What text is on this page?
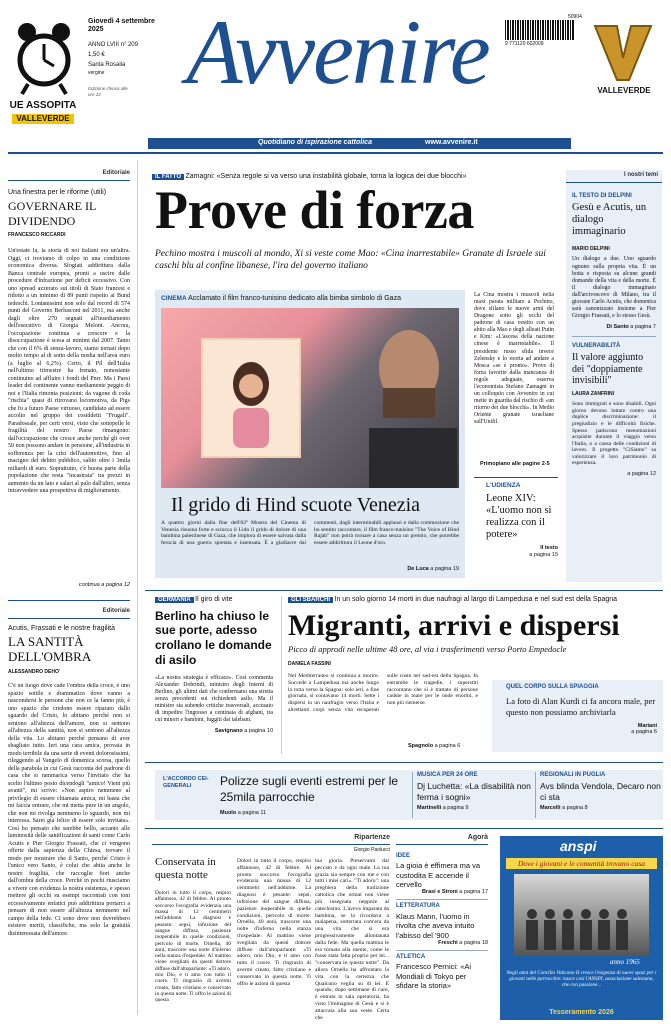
UE ASSOPITA
VALLEVERDE
Giovedì 4 settembre 2025
ANNO LVIII n° 209
1,50 €
Santa Rosalia
vergine
Edizione chiusa alle ore 22 Avvenire	50904
9 771120 602009
VALLEVERDE
Quotidiano di ispirazione cattolica	www.avvenire.it
Editoriale
Una finestra per le riforme (utili)
GOVERNARE IL DIVIDENDO
FRANCESCO RICCARDI
Un'estate fa, la storia di noi italiani era un'altra. Oggi, ci troviamo di colpo in una condizione economica diversa. Sfogiati addirittura dalla Banca centrale europea, pronti a uscire dalle procedure d'infrazione per deficit eccessivo. Con uno spread azzerato sui titoli di Stato francesi e ridotto a un minimo di 89 punti rispetto ai Bund tedeschi. Lontanissimi non solo dal record di 574 punti del Governo Berlusconi nel 2011, ma anche dagli oltre 270 segnati all'insediamento dell'esecutivo di Giorgia Meloni. Ancora, l'occupazione continua a crescere e la disoccupazione è scesa ai minimi dal 2007. Tanto che con il 6% di senza-lavoro, siamo tornati dopo molto tempo al di sotto della media nell'area euro (a luglio al 6,2%). Certo, il Pil dell'Italia nell'ultimo trimestre ha frenato, nonostante continuino ad affluire i fondi del Pnrr. Ma i Paesi leader del continente vanno mediamente peggio di noi e l'Italia rimonta posizioni: da vagone di coda "rischia" quasi di ritrovarsi locomotiva, da Pigs che fu a futuro Paese virtuoso, candidato ad essere accolto nel gruppo dei cosiddetti "Frugali". Paradossale, per certi versi, visto che sottopelle le fragilità del nostro Paese rimangono: dall'occupazione che cresce anche perché gli over 50 non possono andare in pensione, all'industria in sofferenza per la crisi dell'automotive, fino al macigno del debito pubblico, salito oltre i 3mila miliardi di euro. Soprattutto, c'è buona parte della popolazione che resta "incastrata" tra prezzi in aumento da un lato e salari al palo dall'altro, senza intravvedere una prospettiva di miglioramento.
continua a pagina 12
Editoriale
Acutis, Frassati e le nostre fragilità
LA SANTITÀ DELL'OMBRA
ALESSANDRO DEHO'
C'è un luogo dove cade l'ombra della croce, è uno spazio sottile e drammatico dove vanno a nascondersi le persone che non ce la fanno più, è uno spazio che credono essere riparato dallo sguardo del Cristo, lo abitano perché non si sentono all'altezza dell'amore, non si sentono all'altezza della santità, non si sentono all'altezza della vita. Lo abitano perché pensano di aver sbagliato tutto. Ieri una cara amica, provata in modo terribile da una serie di eventi dolorosissimi, rileggendo al Vangelo di domenica scorsa, quello della parabola in cui Gesù racconta del padrone di casa che si rammarica verso l'invitato che ha scelto l'ultimo posto dicendogli "amico! Vieni più avanti", mi scrive: «Non aspiro nemmeno al privilegio di essere chiamata amica, mi basta che mi faccia entrare, che mi metta pure in un angolo, che non mi rivolga nemmeno lo sguardo, non mi interessa. Sarei già felice di essere solo invitata». Così ho pensato che sarebbe bello, accanto alle luminosità delle santificazioni di santi come Carlo Acutis e Pier Giorgio Frassati, che ci vengono offerte dalla sapienza della Chiesa, trovare il modo per mostrare che il Santo, perché Cristo è l'unico vero Santo, è colui che abita anche le nostre fragilità, che raccoglie fiori anche dall'ombra della croce. Perché in pochi riusciamo a vivere con evidenza la nostra esistenza, e spesso mettere gli occhi su esempi raccontati con toni eccessivamente enfatici può addirittura portarci a pensare di non essere all'altezza nemmeno nel campo della fede. Ci sono dove non dovrebbero esistere meriti, classifiche, ma solo la gratuità disinteressata dell'amore.
IL FATTO Zamagni: «Senza regole si va verso una instabilità globale, torna la logica dei due blocchi»
Prove di forza
Pechino mostra i muscoli al mondo, Xi si veste come Mao: «Cina inarrestabile» Granate di Israele sui caschi blu al confine libanese, l'ira del governo italiano
CINEMA Acclamato il film franco-tunisino dedicato alla bimba simbolo di Gaza
Il grido di Hind scuote Venezia
A quattro giorni dalla fine dell'82ª Mostra del Cinema di Venezia risuona forte e sciocca il Lido il grido di dolore di una bambina palestinese di Gaza, che implora di essere salvata dalla ferocia di una guerra spietata e insensata. È a gladiacre dai commenti, dagli interminabili applausi e dalla commozione che ho sentito raccontare, il film franco-tunisino "The Voice of Hind Rajab" non potrà tornare a casa senza un premio, che potrebbe essere addirittura il Leone d'oro.
De Luca a pagina 19
La Cina mostra i muscoli nella maxi parata militare a Pechino, dove sfilano le nuove armi del Dragone sotto gli occhi del padrone di casa vestito con un abito alla Mao e degli alleati Putin e Kim: «L'ascesa della nazione cinese è inarrestabile». Il presidente russo sfida invece Zelensky e lo esorta ad andare a Mosca «se è pronto». Prove di forza favorite dalla mancanza di regole adeguate, osserva l'economista Stefano Zamagni in un colloquio con Avvenire in cui mette in guardia dal rischio di «un ritorno dei due blocchi». In Medio Oriente granate israeliane sull'Unifil.
Primopiano alle pagine 2-5
L'UDIENZA
Leone XIV: «L'uomo non si realizza con il potere»
Il testo
a pagina 15
I nostri temi
IL TESTO DI DELPINI
Gesù e Acutis, un dialogo immaginario
MARIO DELPINI
Un dialogo a due. Uno sguardo ognuno sulla propria vita. È un botta e risposta su alcune grandi domande della vita e della morte. È il dialogo immaginato dall'arcivescovo di Milano, tra il giovane Carlo Acutis, che domenica sarà canonizzato insieme a Pier Giorgio Frassati, e lo stesso Gesù.
Di Santo a pagina 7
VULNERABILITÀ
Il valore aggiunto dei "doppiamente invisibili"
LAURA ZANFRINI
Sono immigrati e sono disabili. Ogni giorno devono lottare contro una duplice discriminazione: il pregiudizio e le difficoltà fisiche. Spesso patiscono menomazioni acquisite durante il viaggio verso l'Italia, o a causa delle condizioni di lavoro. Il progetto "CiSiamo" sa valorizzare il loro patrimonio di esperienza.
a pagina 12
GERMANIA Il giro di vite
Berlino ha chiuso le sue porte, adesso crollano le domande di asilo
«La nostra strategia è efficace». Così commenta Alexander Dobrindt, ministro degli Interni di Berlino, gli ultimi dati che confermano una stretta senza precedenti sui richiedenti asilo. Ma il ministro sta subendo critiche trasversali, accusato di impedire l'ingresso a centinaia di afghani, tra cui minori e bambini, fuggiti dai talebani.
Savignano a pagina 10
GLI SBARCHI In un solo giorno 14 morti in due naufragi al largo di Lampedusa e nel sud est della Spagna
Migranti, arrivi e dispersi
Picco di approdi nelle ultime 48 ore, al via i trasferimenti verso Porto Empedocle
DANIELA FASSINI
Nel Mediterraneo si continua a morire. Succede a Lampedusa ma anche lungo la rotta verso la Spagna: solo ieri, a fine giornata, si contavano 14 morti. Sette i dispersi in un naufragio verso l'Italia e altrettanti corpi senza vita recuperati sulle coste nel sud-est della Spagna. In entrambe le tragedie, i superstiti raccontano che si è trattato di persone cadute in mare per le onde enormi, e non più riemerse.
Spagnolo a pagina 6
QUEL CORPO SULLA SPIAGGIA
La foto di Alan Kurdi ci fa ancora male, per questo non possiamo archiviarla
Mariani
a pagina 6
L'ACCORDO CEI-GENERALI	Polizze sugli eventi estremi per le 25mila parrocchie
Muolo a pagina 11
MUSICA PER 24 ORE
Dj Luchetta: «La disabilità non ferma i sogni»
Martinelli a pagina 9
REGIONALI IN PUGLIA
Avs blinda Vendola, Decaro non ci sta
Marcelli a pagina 8
Ripartenze
Giorgio Paolucci
Conservata in questa notte
Dolori in tutto il corpo, respiro affannoso, 42 di febbre. Al pronto soccorso l'ecografia evidenzia una massa di 12 centimetri nell'addome. La diagnosi è pesante: sepsi, infezione del sangue diffusa, pazienze inoperabile in quelle condizioni, pericolo di morte. Ornella, 40 anni, trascorre una notte d'inferno nella stanza d'ospedale. Al mattino viene svegliata da questi dottore diffuse dall'altoparlante: «Ti adoro, mio Dio, e ti amo con tutto il cuore. Ti ringrazio di avermi creato, fatto cristiano e conservato in questa notte. Ti offro le azioni di questa
Dolori in tutto il corpo, respiro affannoso, 42 di febbre. Al pronto soccorso l'ecografia evidenzia una massa di 12 centimetri nell'addome. La diagnosi è pesante: sepsi, infezione del sangue diffusa, pazienze inoperabile in quelle condizioni, pericolo di morte. Ornella, 40 anni, trascorre una notte d'inferno nella stanza d'ospedale. Al mattino viene svegliata da questi dottore diffuse dall'altoparlante: «Ti adoro, mio Dio, e ti amo con tutto il cuore. Ti ringrazio di avermi creato, fatto cristiano e conservato in questa notte. Ti offro le azioni di questa
tua gloria. Preservami dal peccato e da ogni male. La tua grazia sia sempre con me e con tutti i miei cari». "Ti adoro": una preghiera della tradizione cattolica che ormai non viene più insegnata neppure al catechismo. L'aveva imparata da bambina, se la ricordava a malapena, sotterrata com'era da una vita che si era progressivamente allontanata dalla fede. Ma quella mattina le era tornata alla mente, come le fosse stata fatta proprio per lei... "conservata in questa notte". Da allora Ornella ha affrontato la vita con la certezza che Qualcuno veglia su di lei. E quando, dopo settimane di cure, è entrata in sala operatoria, ha visto l'immagine di Gesù e si è attaccata alla sua veste. Certa che
Agorà
IDEE
La gioia è effimera ma va custodita E accende il cervello
Brasi e Stroni a pagina 17
LETTERATURA
Klaus Mann, l'uomo in rivolta che aveva intuito l'abisso del '900
Freschi a pagina 18
ATLETICA
Francesco Pernici: «Ai Mondiali di Tokyo per sfidare la storia»
anspi
Dove i giovani e le comunità trovano casa
anno 1965
Negli anni del Concilio Vaticano II cresce l'esigenza di nuovi spazi per i giovani nelle parrocchie: nasce così l'ANSPI, associazione salesiana, che con passione...
Tesseramento 2026
